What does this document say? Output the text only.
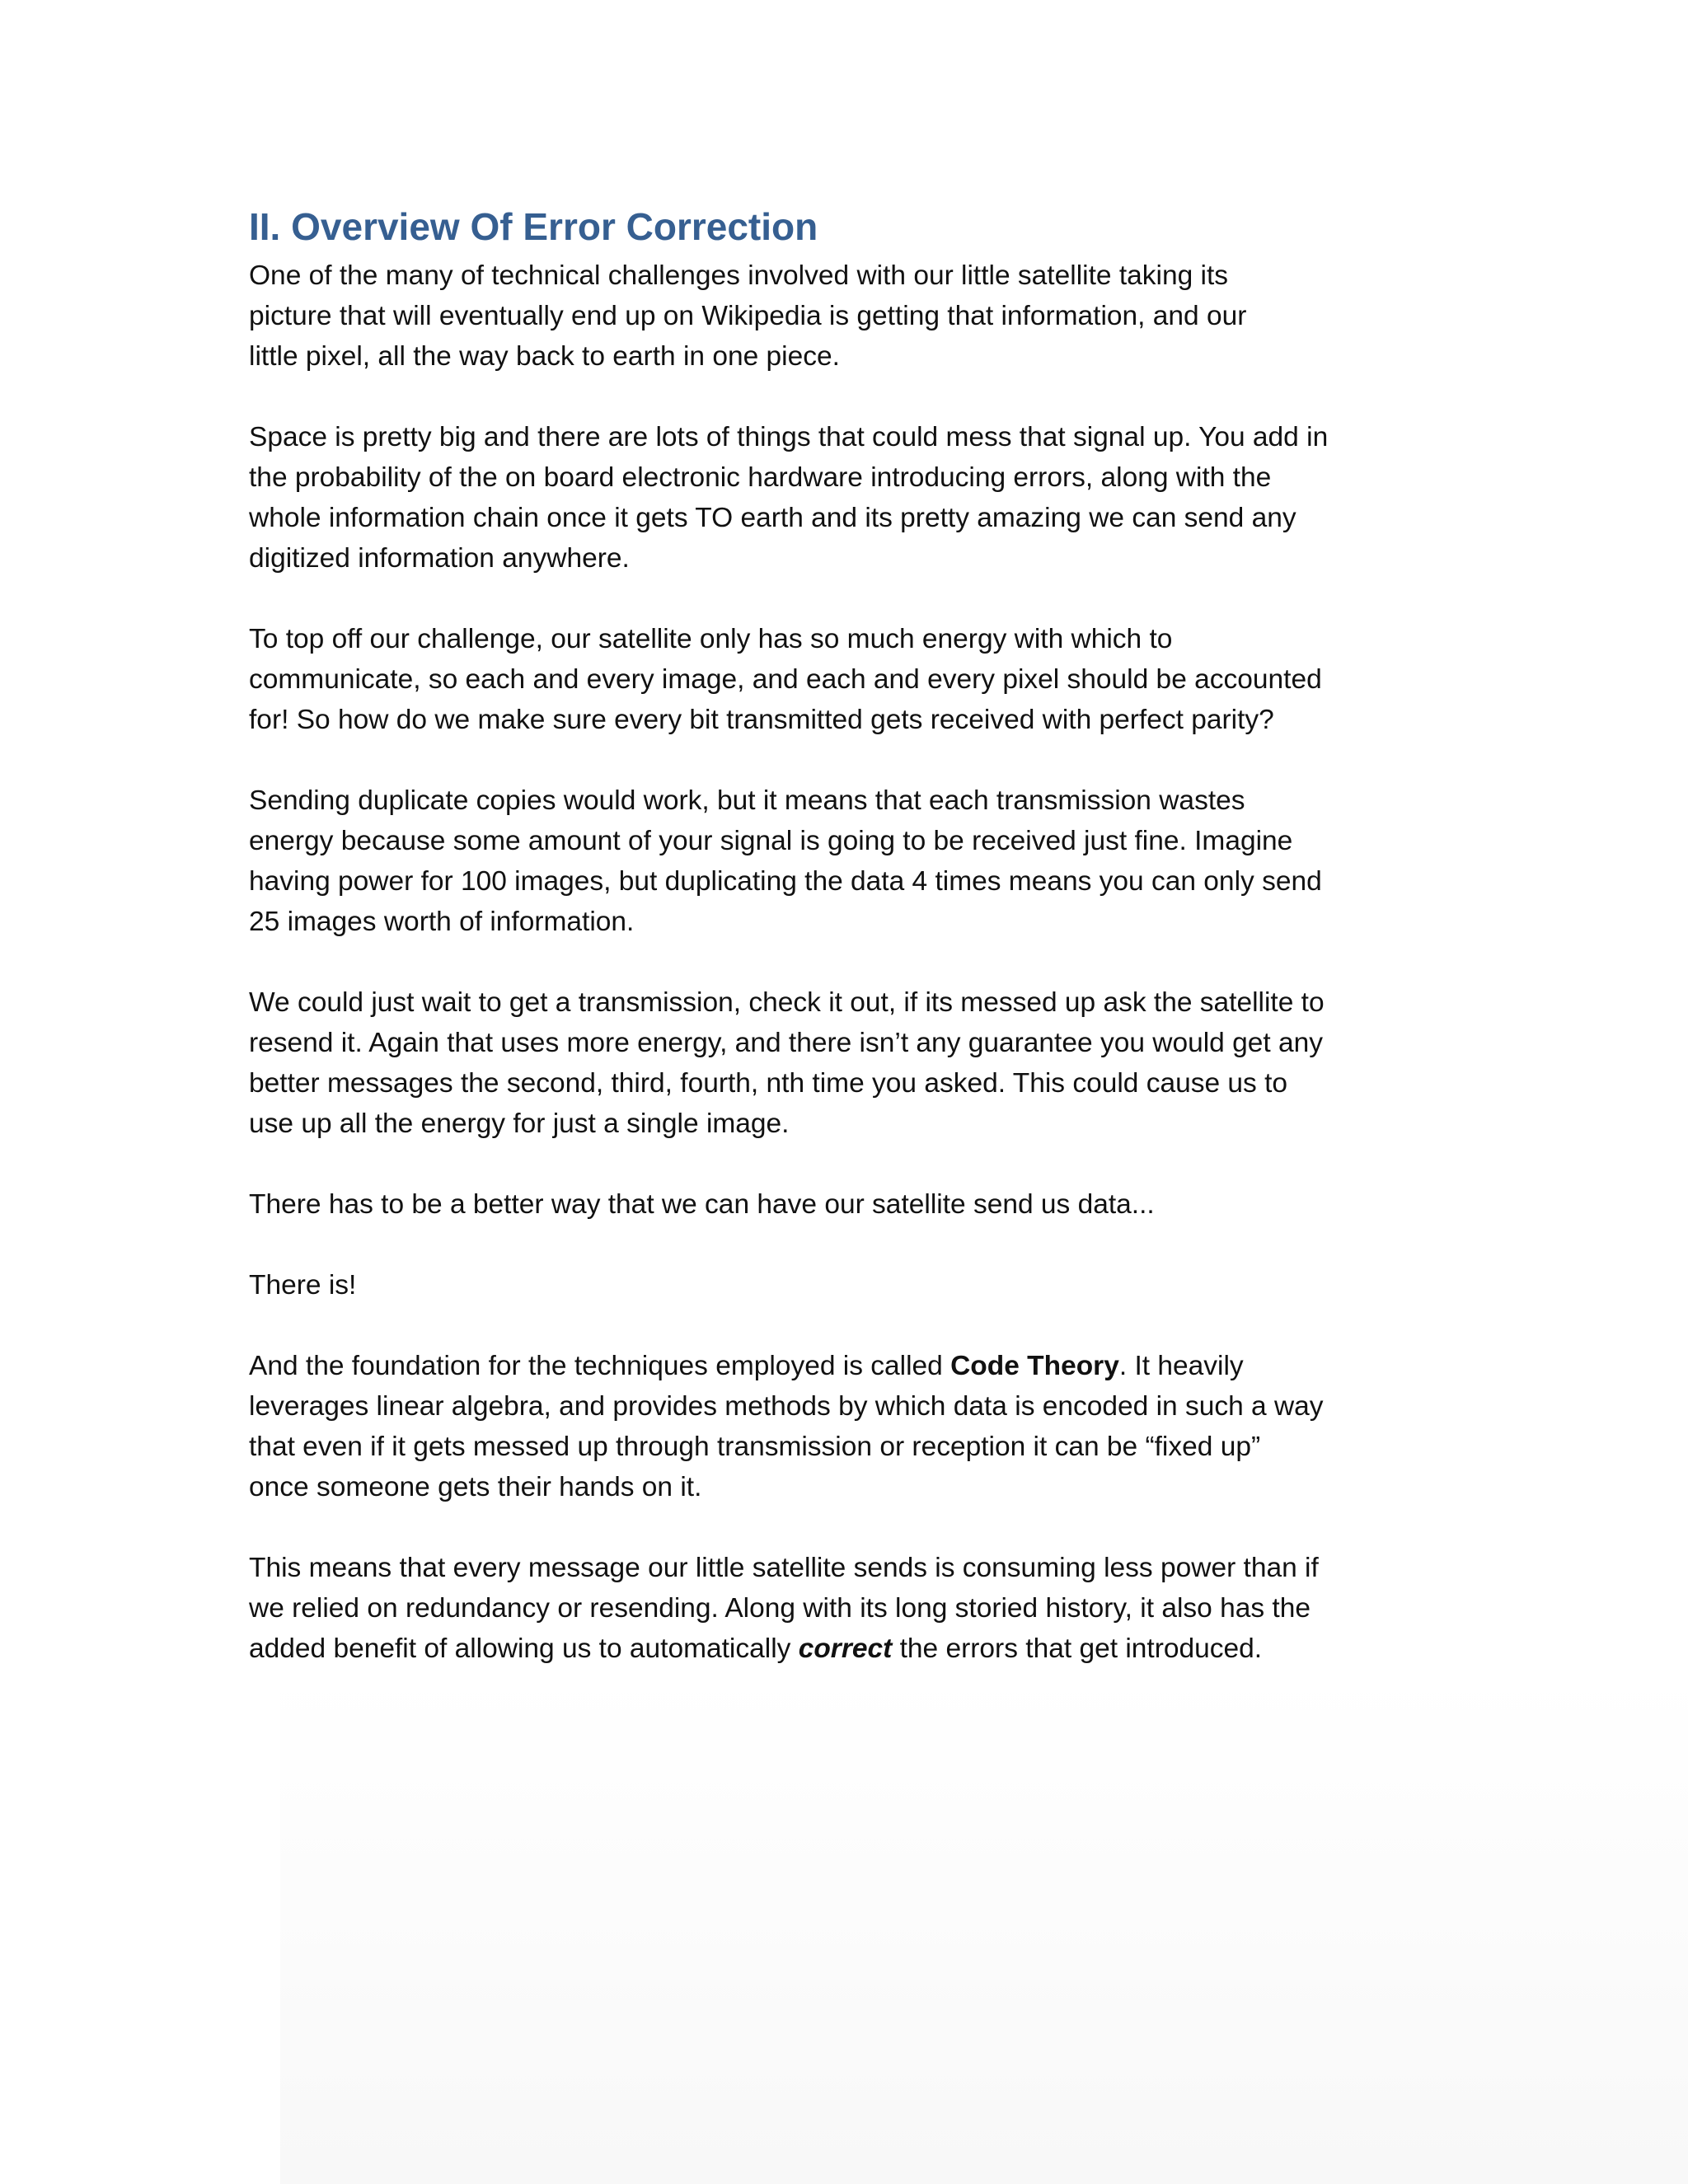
II. Overview Of Error Correction

One of the many of technical challenges involved with our little satellite taking its
picture that will eventually end up on Wikipedia is getting that information, and our
little pixel, all the way back to earth in one piece.

Space is pretty big and there are lots of things that could mess that signal up. You add in
the probability of the on board electronic hardware introducing errors, along with the
whole information chain once it gets TO earth and its pretty amazing we can send any
digitized information anywhere.

To top off our challenge, our satellite only has so much energy with which to
communicate, so each and every image, and each and every pixel should be accounted
for! So how do we make sure every bit transmitted gets received with perfect parity?

Sending duplicate copies would work, but it means that each transmission wastes
energy because some amount of your signal is going to be received just fine. Imagine
having power for 100 images, but duplicating the data 4 times means you can only send
25 images worth of information.

We could just wait to get a transmission, check it out, if its messed up ask the satellite to
resend it. Again that uses more energy, and there isn’t any guarantee you would get any
better messages the second, third, fourth, nth time you asked. This could cause us to
use up all the energy for just a single image.

There has to be a better way that we can have our satellite send us data...

There is!

And the foundation for the techniques employed is called Code Theory. It heavily
leverages linear algebra, and provides methods by which data is encoded in such a way
that even if it gets messed up through transmission or reception it can be “fixed up”
once someone gets their hands on it.

This means that every message our little satellite sends is consuming less power than if
we relied on redundancy or resending. Along with its long storied history, it also has the
added benefit of allowing us to automatically correct the errors that get introduced.
